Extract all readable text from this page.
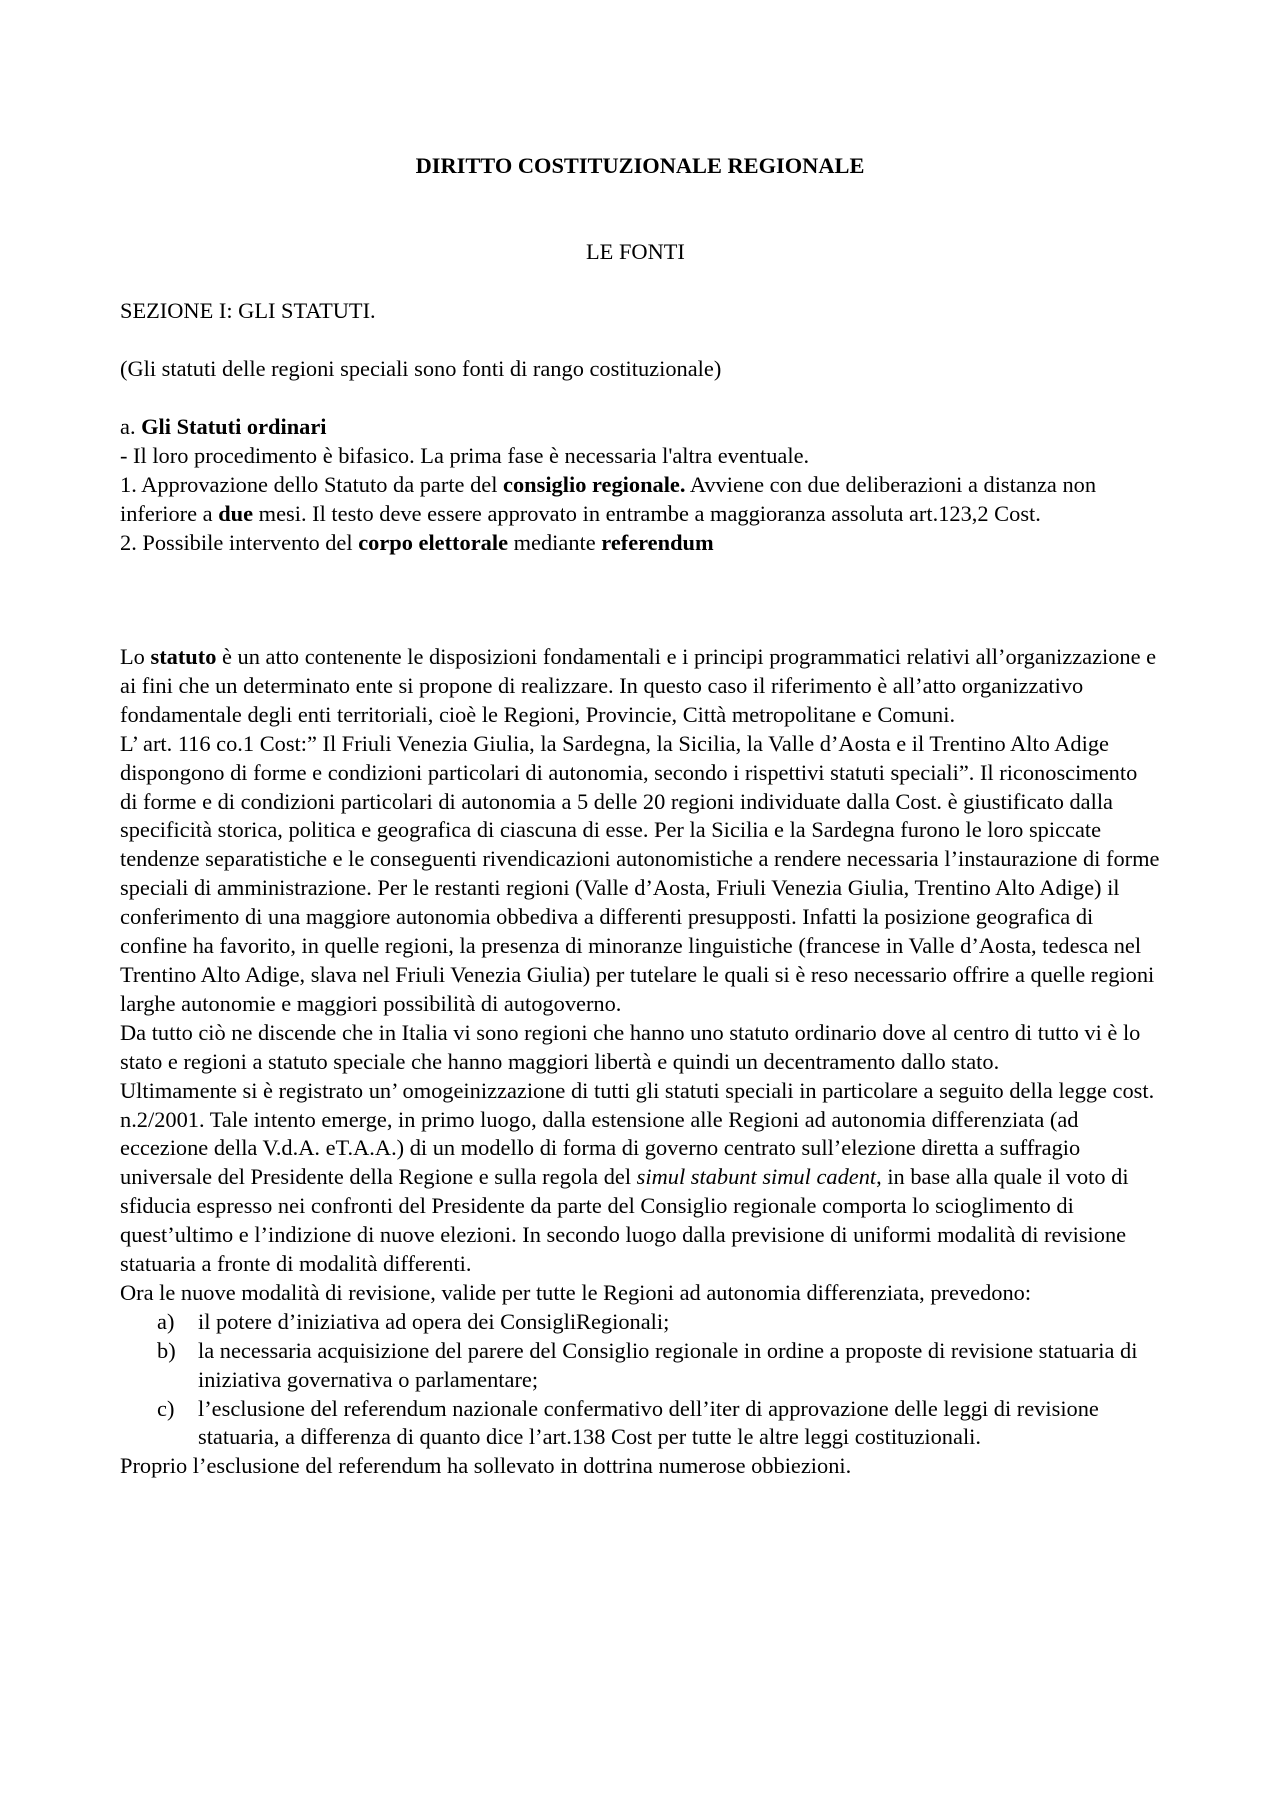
DIRITTO COSTITUZIONALE REGIONALE
LE FONTI

SEZIONE I: GLI STATUTI.

(Gli statuti delle regioni speciali sono fonti di rango costituzionale)

a. Gli Statuti ordinari
- Il loro procedimento è bifasico. La prima fase è necessaria l'altra eventuale.
1. Approvazione dello Statuto da parte del consiglio regionale. Avviene con due deliberazioni a distanza non inferiore a due mesi. Il testo deve essere approvato in entrambe a maggioranza assoluta art.123,2 Cost.
2. Possibile intervento del corpo elettorale mediante referendum
Lo statuto è un atto contenente le disposizioni fondamentali e i principi programmatici relativi all’organizzazione e ai fini che un determinato ente si propone di realizzare. In questo caso il riferimento è all’atto organizzativo fondamentale degli enti territoriali, cioè le Regioni, Provincie, Città metropolitane e Comuni.
L’ art. 116 co.1 Cost:” Il Friuli Venezia Giulia, la Sardegna, la Sicilia, la Valle d’Aosta e il Trentino Alto Adige dispongono di forme e condizioni particolari di autonomia, secondo i rispettivi statuti speciali”. Il riconoscimento di forme e di condizioni particolari di autonomia a 5 delle 20 regioni individuate dalla Cost. è giustificato dalla specificità storica, politica e geografica di ciascuna di esse. Per la Sicilia e la Sardegna furono le loro spiccate tendenze separatistiche e le conseguenti rivendicazioni autonomistiche a rendere necessaria l’instaurazione di forme speciali di amministrazione. Per le restanti regioni (Valle d’Aosta, Friuli Venezia Giulia, Trentino Alto Adige) il conferimento di una maggiore autonomia obbediva a differenti presupposti. Infatti la posizione geografica di confine ha favorito, in quelle regioni, la presenza di minoranze linguistiche (francese in Valle d’Aosta, tedesca nel Trentino Alto Adige, slava nel Friuli Venezia Giulia) per tutelare le quali si è reso necessario offrire a quelle regioni larghe autonomie e maggiori possibilità di autogoverno.
Da tutto ciò ne discende che in Italia vi sono regioni che hanno uno statuto ordinario dove al centro di tutto vi è lo stato e regioni a statuto speciale che hanno maggiori libertà e quindi un decentramento dallo stato.
Ultimamente si è registrato un’ omogeinizzazione di tutti gli statuti speciali in particolare a seguito della legge cost. n.2/2001. Tale intento emerge, in primo luogo, dalla estensione alle Regioni ad autonomia differenziata (ad eccezione della V.d.A. eT.A.A.) di un modello di forma di governo centrato sull’elezione diretta a suffragio universale del Presidente della Regione e sulla regola del simul stabunt simul cadent, in base alla quale il voto di sfiducia espresso nei confronti del Presidente da parte del Consiglio regionale comporta lo scioglimento di quest’ultimo e l’indizione di nuove elezioni. In secondo luogo dalla previsione di uniformi modalità di revisione statuaria a fronte di modalità differenti.
Ora le nuove modalità di revisione, valide per tutte le Regioni ad autonomia differenziata, prevedono:
a) il potere d’iniziativa ad opera dei ConsigliRegionali;
b) la necessaria acquisizione del parere del Consiglio regionale in ordine a proposte di revisione statuaria di iniziativa governativa o parlamentare;
c) l’esclusione del referendum nazionale confermativo dell’iter di approvazione delle leggi di revisione statuaria, a differenza di quanto dice l’art.138 Cost per tutte le altre leggi costituzionali.
Proprio l’esclusione del referendum ha sollevato in dottrina numerose obbiezioni.
